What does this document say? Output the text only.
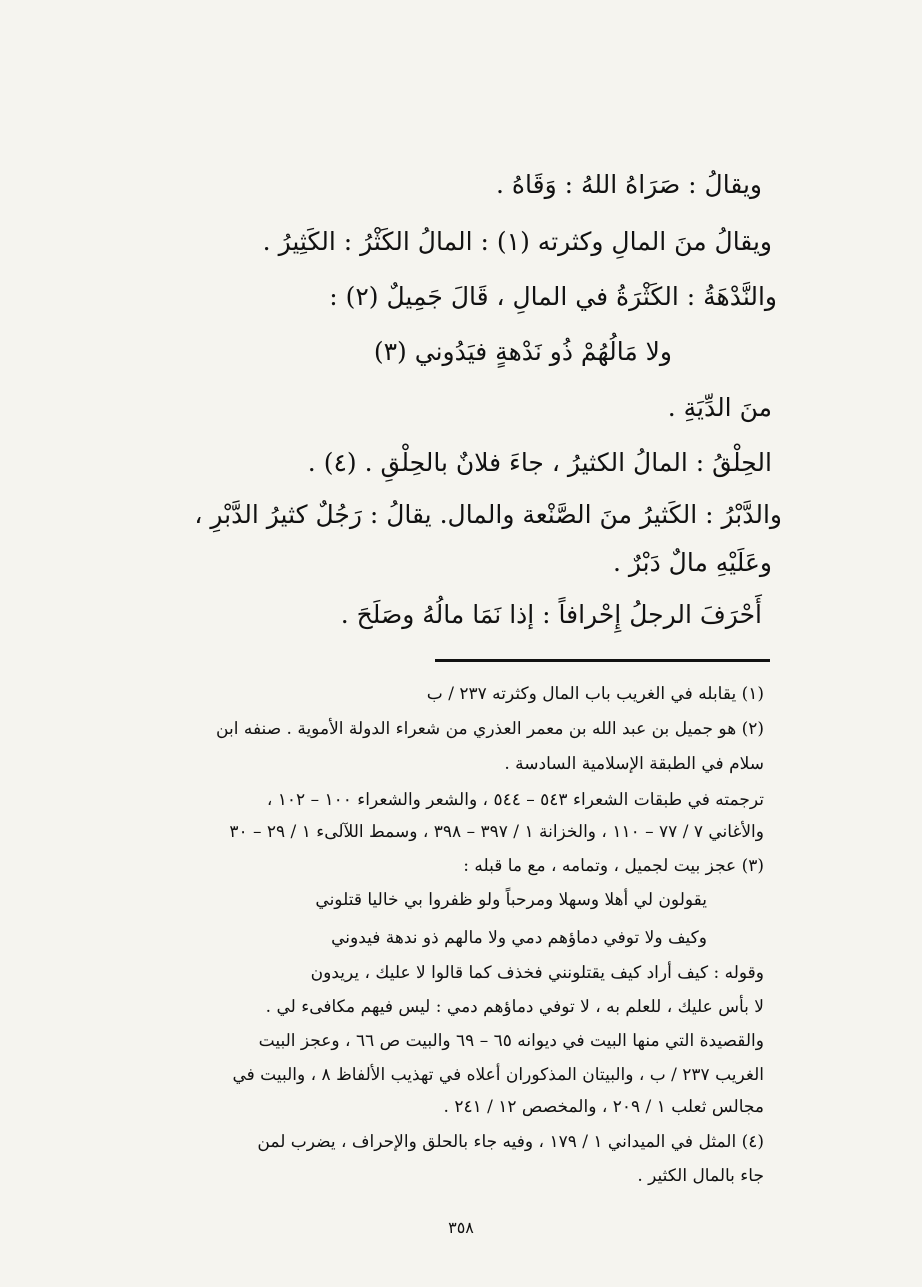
ويقالُ : صَرَاهُ اللهُ : وَقَاهُ .
ويقالُ منَ المالِ وكثرته (١) : المالُ الكَثْرُ : الكَثِيرُ .
والنَّدْهَةُ : الكَثْرَةُ في المالِ ، قَالَ جَمِيلٌ (٢) :
ولا مَالُهُمْ ذُو نَدْهةٍ فيَدُوني (٣)
منَ الدِّيَةِ .
الحِلْقُ : المالُ الكثيرُ ، جاءَ فلانٌ بالحِلْقِ . (٤) .
والدَّبْرُ : الكَثيرُ منَ الصَّنْعة والمال. يقالُ : رَجُلٌ كثيرُ الدَّبْرِ ،
وعَلَيْهِ مالٌ دَبْرٌ .
أَحْرَفَ الرجلُ إِحْرافاً : إذا نَمَا مالُهُ وصَلَحَ .
(١) يقابله في الغريب باب المال وكثرته ٢٣٧ / ب
(٢) هو جميل بن عبد الله بن معمر العذري من شعراء الدولة الأموية . صنفه ابن
سلام في الطبقة الإسلامية السادسة .
ترجمته في طبقات الشعراء ٥٤٣ – ٥٤٤ ، والشعر والشعراء ١٠٠ – ١٠٢ ،
والأغاني ٧ / ٧٧ – ١١٠ ، والخزانة ١ / ٣٩٧ – ٣٩٨ ، وسمط اللآلىء ١ / ٢٩ – ٣٠
(٣) عجز بيت لجميل ، وتمامه ، مع ما قبله :
يقولون لي أهلا وسهلا ومرحباً ولو ظفروا بي خاليا قتلوني
وكيف ولا توفي دماؤهم دمي ولا مالهم ذو ندهة فيدوني
وقوله : كيف أراد كيف يقتلونني فخذف كما قالوا لا عليك ، يريدون
لا بأس عليك ، للعلم به ، لا توفي دماؤهم دمي : ليس فيهم مكافىء لي .
والقصيدة التي منها البيت في ديوانه ٦٥ – ٦٩ والبيت ص ٦٦ ، وعجز البيت
الغريب ٢٣٧ / ب ، والبيتان المذكوران أعلاه في تهذيب الألفاظ ٨ ، والبيت في
مجالس ثعلب ١ / ٢٠٩ ، والمخصص ١٢ / ٢٤١ .
(٤) المثل في الميداني ١ / ١٧٩ ، وفيه جاء بالحلق والإحراف ، يضرب لمن
جاء بالمال الكثير .
٣٥٨
